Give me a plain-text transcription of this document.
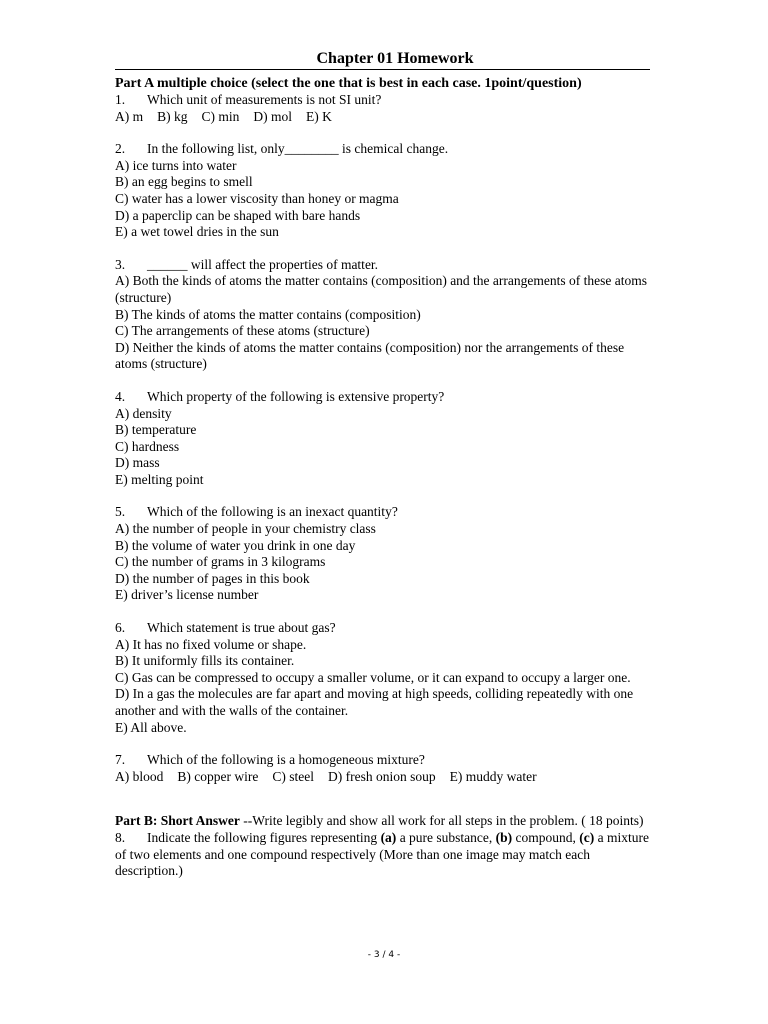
Chapter 01 Homework
Part A multiple choice (select the one that is best in each case. 1point/question)
1. Which unit of measurements is not SI unit?
A) m B) kg C) min D) mol E) K
2. In the following list, only________ is chemical change.
A) ice turns into water
B) an egg begins to smell
C) water has a lower viscosity than honey or magma
D) a paperclip can be shaped with bare hands
E) a wet towel dries in the sun
3. ______ will affect the properties of matter.
A) Both the kinds of atoms the matter contains (composition) and the arrangements of these atoms (structure)
B) The kinds of atoms the matter contains (composition)
C) The arrangements of these atoms (structure)
D) Neither the kinds of atoms the matter contains (composition) nor the arrangements of these atoms (structure)
4. Which property of the following is extensive property?
A) density
B) temperature
C) hardness
D) mass
E) melting point
5. Which of the following is an inexact quantity?
A) the number of people in your chemistry class
B) the volume of water you drink in one day
C) the number of grams in 3 kilograms
D) the number of pages in this book
E) driver’s license number
6. Which statement is true about gas?
A) It has no fixed volume or shape.
B) It uniformly fills its container.
C) Gas can be compressed to occupy a smaller volume, or it can expand to occupy a larger one.
D) In a gas the molecules are far apart and moving at high speeds, colliding repeatedly with one another and with the walls of the container.
E) All above.
7. Which of the following is a homogeneous mixture?
A) blood B) copper wire C) steel D) fresh onion soup E) muddy water
Part B: Short Answer --Write legibly and show all work for all steps in the problem. ( 18 points)
8. Indicate the following figures representing (a) a pure substance, (b) compound, (c) a mixture of two elements and one compound respectively (More than one image may match each description.)
- 3 / 4 -
